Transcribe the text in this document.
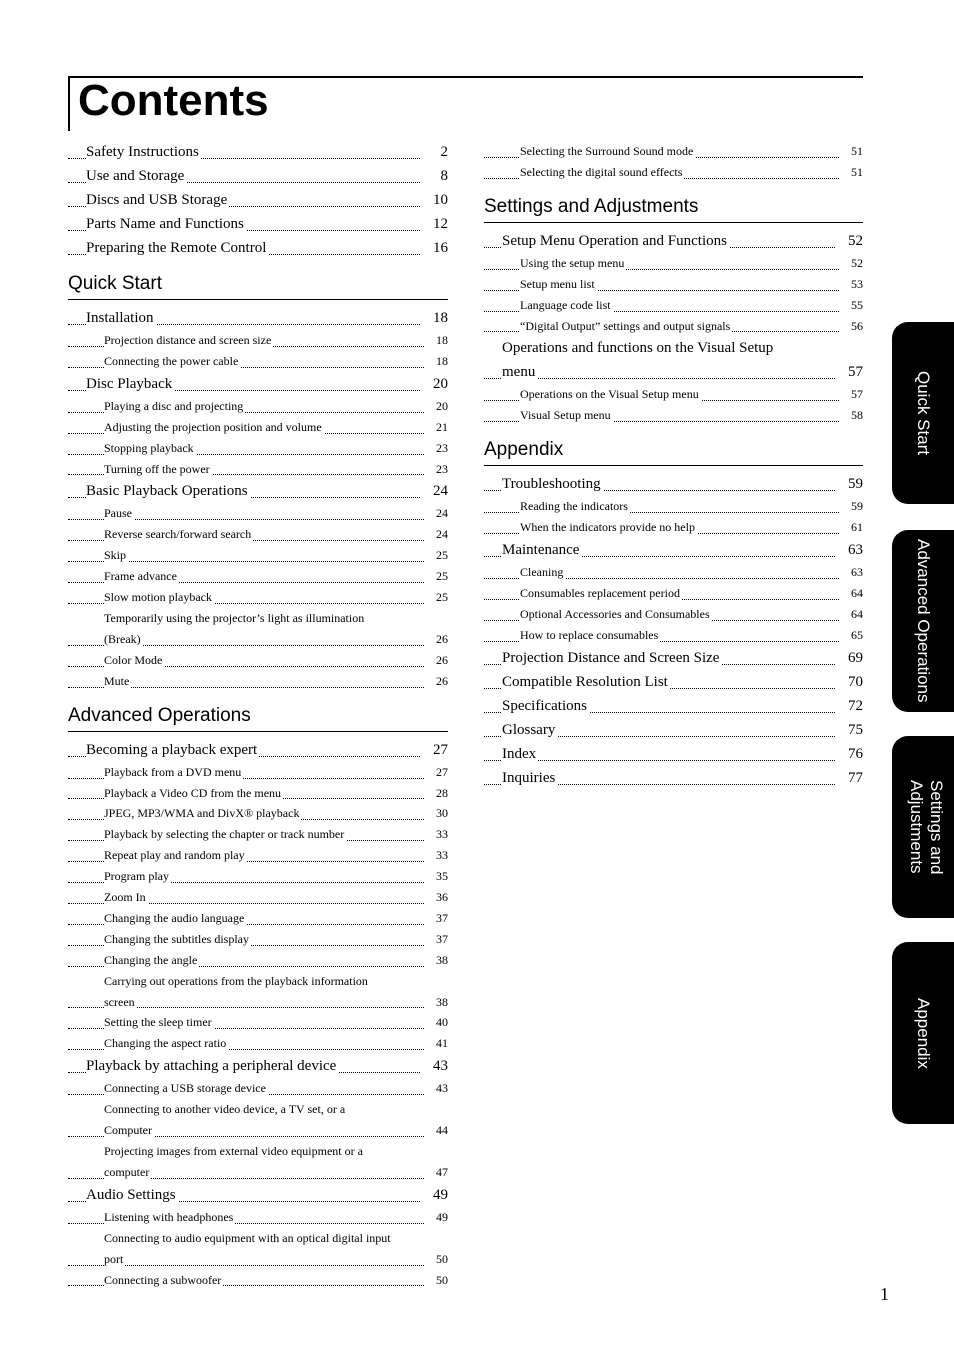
Contents
Safety Instructions	2
Use and Storage	8
Discs and USB Storage	10
Parts Name and Functions	12
Preparing the Remote Control	16
Quick Start
Installation	18
Projection distance and screen size	18
Connecting the power cable	18
Disc Playback	20
Playing a disc and projecting	20
Adjusting the projection position and volume	21
Stopping playback	23
Turning off the power	23
Basic Playback Operations	24
Pause	24
Reverse search/forward search	24
Skip	25
Frame advance	25
Slow motion playback	25
Temporarily using the projector’s light as illumination
(Break)	26
Color Mode	26
Mute	26
Advanced Operations
Becoming a playback expert	27
Playback from a DVD menu	27
Playback a Video CD from the menu	28
JPEG, MP3/WMA and DivX® playback	30
Playback by selecting the chapter or track number	33
Repeat play and random play	33
Program play	35
Zoom In	36
Changing the audio language	37
Changing the subtitles display	37
Changing the angle	38
Carrying out operations from the playback information
screen	38
Setting the sleep timer	40
Changing the aspect ratio	41
Playback by attaching a peripheral device	43
Connecting a USB storage device	43
Connecting to another video device, a TV set, or a
Computer	44
Projecting images from external video equipment or a
computer	47
Audio Settings	49
Listening with headphones	49
Connecting to audio equipment with an optical digital input
port	50
Connecting a subwoofer	50
Selecting the Surround Sound mode	51
Selecting the digital sound effects	51
Settings and Adjustments
Setup Menu Operation and Functions	52
Using the setup menu	52
Setup menu list	53
Language code list	55
“Digital Output” settings and output signals	56
Operations and functions on the Visual Setup
menu	57
Operations on the Visual Setup menu	57
Visual Setup menu	58
Appendix
Troubleshooting	59
Reading the indicators	59
When the indicators provide no help	61
Maintenance	63
Cleaning	63
Consumables replacement period	64
Optional Accessories and Consumables	64
How to replace consumables	65
Projection Distance and Screen Size	69
Compatible Resolution List	70
Specifications	72
Glossary	75
Index	76
Inquiries	77
Quick Start
Advanced Operations
Settings and Adjustments
Appendix
1
